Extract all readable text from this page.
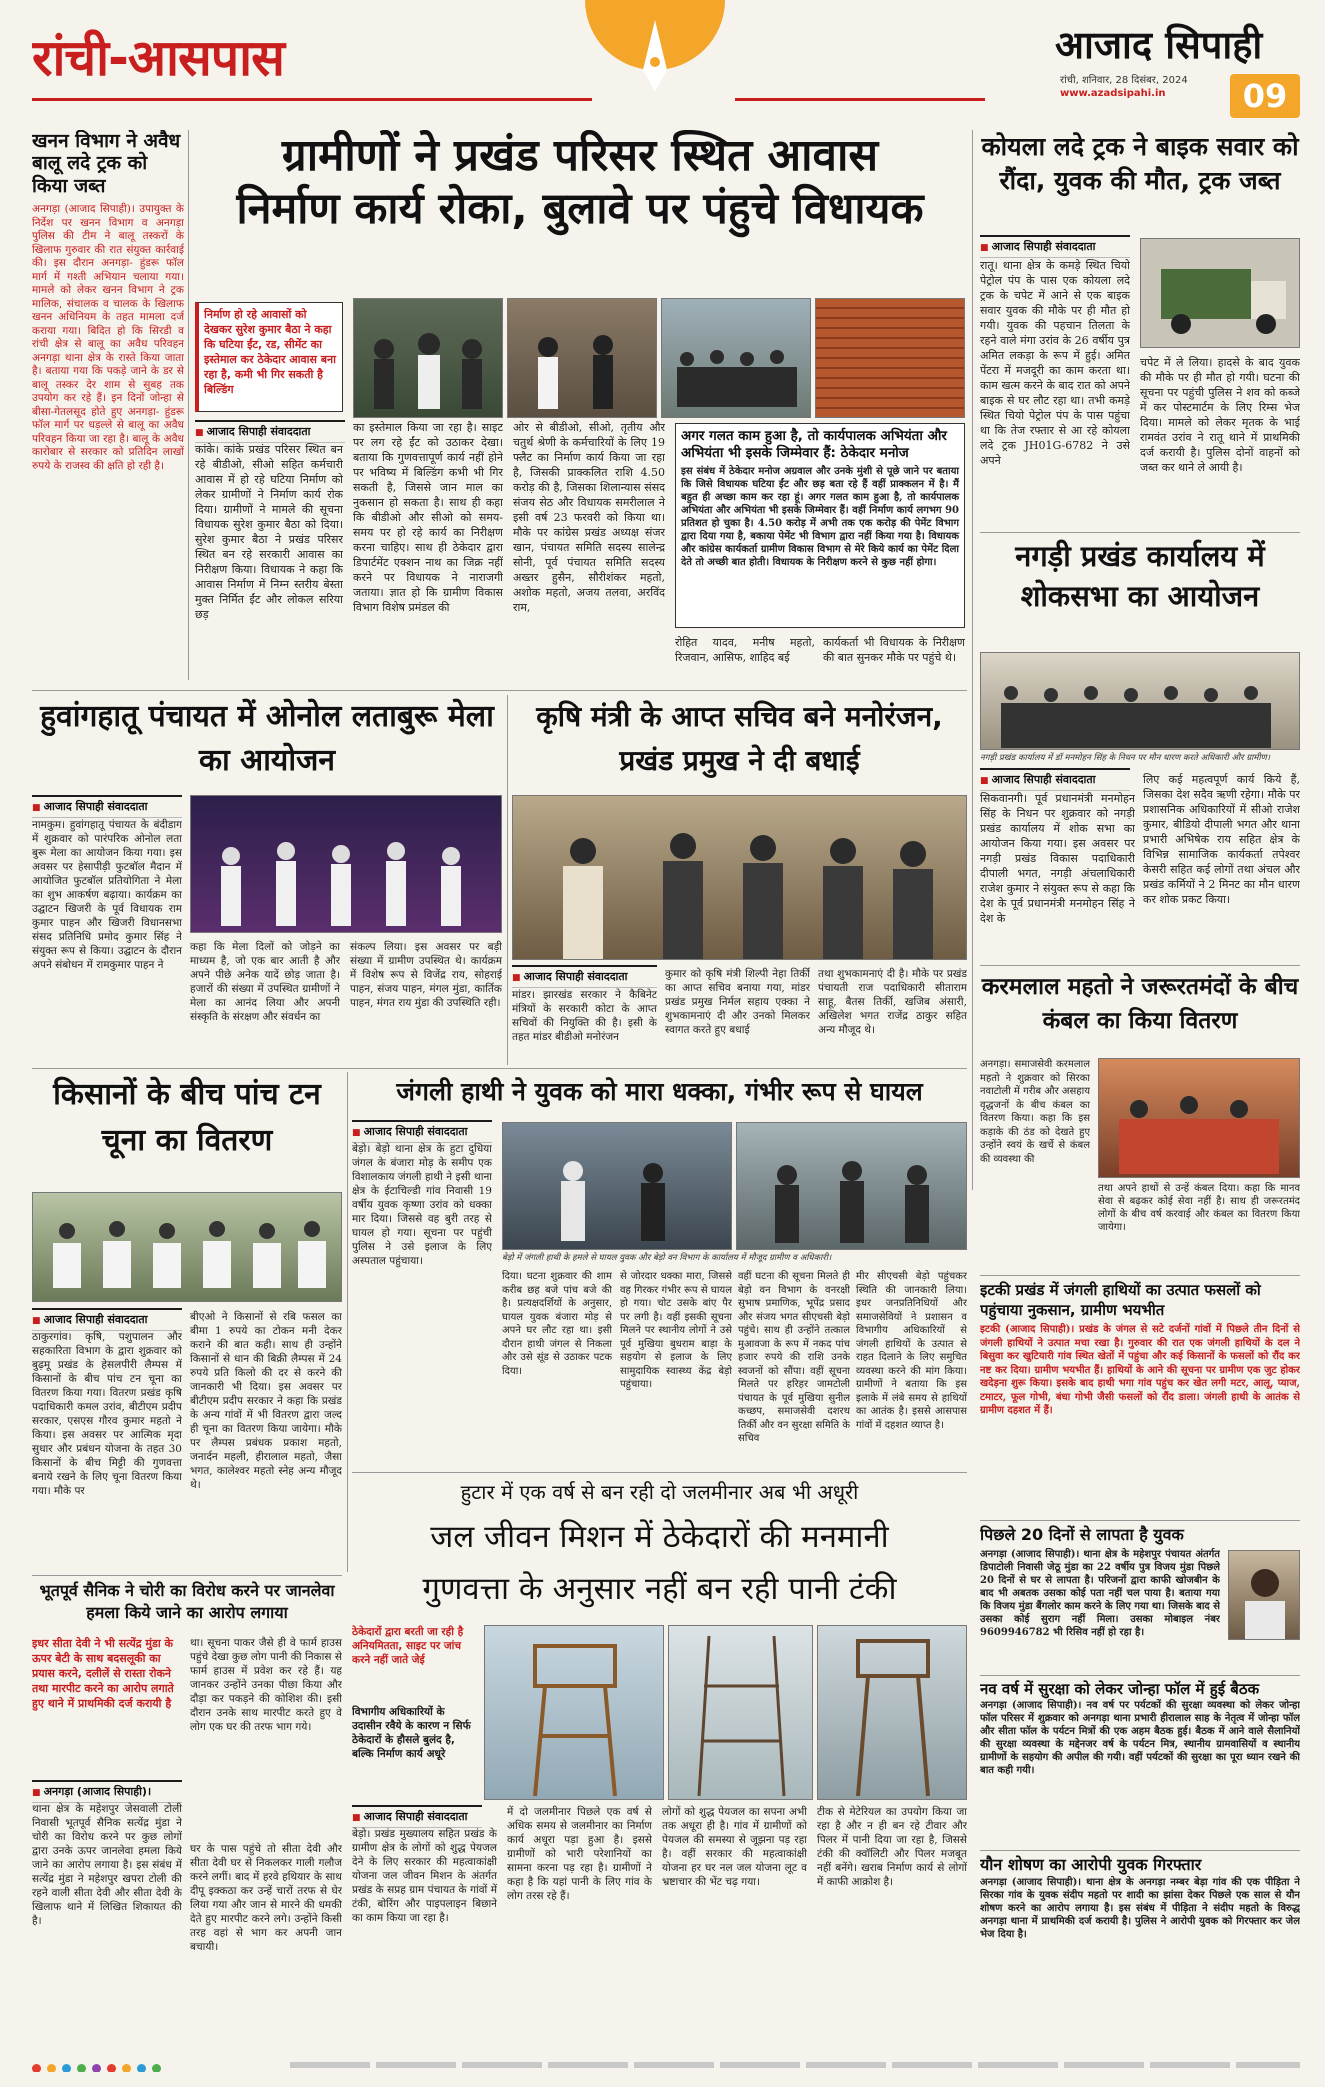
रांची-आसपास	आजाद सिपाही
रांची, शनिवार, 28 दिसंबर, 2024
www.azadsipahi.in	09
खनन विभाग ने अवैध बालू लदे ट्रक को किया जब्त
अनगड़ा (आजाद सिपाही)। उपायुक्त के निर्देश पर खनन विभाग व अनगड़ा पुलिस की टीम ने बालू तस्करों के खिलाफ गुरुवार की रात संयुक्त कार्रवाई की। इस दौरान अनगड़ा- हुंडरू फॉल मार्ग में गश्ती अभियान चलाया गया। मामले को लेकर खनन विभाग ने ट्रक मालिक, संचालक व चालक के खिलाफ खनन अधिनियम के तहत मामला दर्ज कराया गया। बिदित हो कि सिरडी व रांची क्षेत्र से बालू का अवैध परिवहन अनगड़ा थाना क्षेत्र के रास्ते किया जाता है। बताया गया कि पकड़े जाने के डर से बालू तस्कर देर शाम से सुबह तक उपयोग कर रहे हैं। इन दिनों जोन्हा से बीसा-गेतलसूद होते हुए अनगड़ा- हुंडरू फॉल मार्ग पर धड़ल्ले से बालू का अवैध परिवहन किया जा रहा है। बालू के अवैध कारोबार से सरकार को प्रतिदिन लाखों रुपये के राजस्व की क्षति हो रही है।
ग्रामीणों ने प्रखंड परिसर स्थित आवास
निर्माण कार्य रोका, बुलावे पर पंहुचे विधायक
निर्माण हो रहे आवासों को देखकर सुरेश कुमार बैठा ने कहा कि घटिया ईंट, रड, सीमेंट का इस्तेमाल कर ठेकेदार आवास बना रहा है, कमी भी गिर सकती है बिल्डिंग
■ आजाद सिपाही संवाददाता
कांके। कांके प्रखंड परिसर स्थित बन रहे बीडीओ, सीओ सहित कर्मचारी आवास में हो रहे घटिया निर्माण को लेकर ग्रामीणों ने निर्माण कार्य रोक दिया। ग्रामीणों ने मामले की सूचना विधायक सुरेश कुमार बैठा को दिया। सुरेश कुमार बैठा ने प्रखंड परिसर स्थित बन रहे सरकारी आवास का निरीक्षण किया। विधायक ने कहा कि आवास निर्माण में निम्न स्तरीय बेस्ता मुक्त निर्मित ईंट और लोकल सरिया छड़
का इस्तेमाल किया जा रहा है। साइट पर लग रहे ईंट को उठाकर देखा। बताया कि गुणवत्तापूर्ण कार्य नहीं होने पर भविष्य में बिल्डिंग कभी भी गिर सकती है, जिससे जान माल का नुकसान हो सकता है। साथ ही कहा कि बीडीओ और सीओ को समय-समय पर हो रहे कार्य का निरीक्षण करना चाहिए। साथ ही ठेकेदार द्वारा डिपार्टमेंट एक्शन नाथ का जिक्र नहीं करने पर विधायक ने नाराजगी जताया। ज्ञात हो कि ग्रामीण विकास विभाग विशेष प्रमंडल की
ओर से बीडीओ, सीओ, तृतीय और चतुर्थ श्रेणी के कर्मचारियों के लिए 19 फ्लैट का निर्माण कार्य किया जा रहा है, जिसकी प्राक्कलित राशि 4.50 करोड़ की है, जिसका शिलान्यास संसद संजय सेठ और विधायक समरीलाल ने इसी वर्ष 23 फरवरी को किया था। मौके पर कांग्रेस प्रखंड अध्यक्ष संजर खान, पंचायत समिति सदस्य सालेन्द्र सोनी, पूर्व पंचायत समिति सदस्य अख्तर हुसैन, सौरीशंकर महतो, अशोक महतो, अजय तलवा, अरविंद राम,
अगर गलत काम हुआ है, तो कार्यपालक अभियंता और अभियंता भी इसके जिम्मेवार हैं: ठेकेदार मनोज
इस संबंध में ठेकेदार मनोज अग्रवाल और उनके मुंशी से पूछे जाने पर बताया कि जिसे विधायक घटिया ईंट और छड़ बता रहे हैं वहीं प्राक्कलन में है। मैं बहुत ही अच्छा काम कर रहा हूं। अगर गलत काम हुआ है, तो कार्यपालक अभियंता और अभियंता भी इसके जिम्मेवार हैं। वहीं निर्माण कार्य लगभग 90 प्रतिशत हो चुका है। 4.50 करोड़ में अभी तक एक करोड़ की पेमेंट विभाग द्वारा दिया गया है, बकाया पेमेंट भी विभाग द्वारा नहीं किया गया है। विधायक और कांग्रेस कार्यकर्ता ग्रामीण विकास विभाग से मेरे किये कार्य का पेमेंट दिला देते तो अच्छी बात होती। विधायक के निरीक्षण करने से कुछ नहीं होगा।
रोहित यादव, मनीष महतो, रिजवान, आसिफ, शाहिद बई
कार्यकर्ता भी विधायक के निरीक्षण की बात सुनकर मौके पर पहुंचे थे।
कोयला लदे ट्रक ने बाइक सवार को रौंदा, युवक की मौत, ट्रक जब्त
■ आजाद सिपाही संवाददाता
रातू। थाना क्षेत्र के कमड़े स्थित चियो पेट्रोल पंप के पास एक कोयला लदे ट्रक के चपेट में आने से एक बाइक सवार युवक की मौके पर ही मौत हो गयी। युवक की पहचान तिलता के रहने वाले मंगा उरांव के 26 वर्षीय पुत्र अमित लकड़ा के रूप में हुई। अमित पेंटरा में मजदूरी का काम करता था। काम खत्म करने के बाद रात को अपने बाइक से घर लौट रहा था। तभी कमड़े स्थित चियो पेट्रोल पंप के पास पहुंचा था कि तेज रफ्तार से आ रहे कोयला लदे ट्रक JH01G-6782 ने उसे अपने
चपेट में ले लिया। हादसे के बाद युवक की मौके पर ही मौत हो गयी। घटना की सूचना पर पहुंची पुलिस ने शव को कब्जे में कर पोस्टमार्टम के लिए रिम्स भेज दिया। मामले को लेकर मृतक के भाई रामवंत उरांव ने रातू थाने में प्राथमिकी दर्ज करायी है। पुलिस दोनों वाहनों को जब्त कर थाने ले आयी है।
नगड़ी प्रखंड कार्यालय में शोकसभा का आयोजन
नगड़ी प्रखंड कार्यालय में डॉ मनमोहन सिंह के निधन पर मौन धारण करते अधिकारी और ग्रामीण।
■ आजाद सिपाही संवाददाता
सिकवानगी। पूर्व प्रधानमंत्री मनमोहन सिंह के निधन पर शुक्रवार को नगड़ी प्रखंड कार्यालय में शोक सभा का आयोजन किया गया। इस अवसर पर नगड़ी प्रखंड विकास पदाधिकारी दीपाली भगत, नगड़ी अंचलाधिकारी राजेश कुमार ने संयुक्त रूप से कहा कि देश के पूर्व प्रधानमंत्री मनमोहन सिंह ने देश के
लिए कई महत्वपूर्ण कार्य किये हैं, जिसका देश सदैव ऋणी रहेगा। मौके पर प्रशासनिक अधिकारियों में सीओ राजेश कुमार, बीडियो दीपाली भगत और थाना प्रभारी अभिषेक राय सहित क्षेत्र के विभिन्न सामाजिक कार्यकर्ता तपेश्वर केसरी सहित कई लोगों तथा अंचल और प्रखंड कर्मियों ने 2 मिनट का मौन धारण कर शोक प्रकट किया।
करमलाल महतो ने जरूरतमंदों के बीच कंबल का किया वितरण
अनगड़ा। समाजसेवी करमलाल महतो ने शुक्रवार को सिरका नवाटोली में गरीब और असहाय वृद्धजनों के बीच कंबल का वितरण किया। कहा कि इस कड़ाके की ठंड को देखते हुए उन्होंने स्वयं के खर्चे से कंबल की व्यवस्था की
तथा अपने हाथों से उन्हें कंबल दिया। कहा कि मानव सेवा से बढ़कर कोई सेवा नहीं है। साथ ही जरूरतमंद लोगों के बीच वर्ष करवाई और कंबल का वितरण किया जायेगा।
हुवांगहातू पंचायत में ओनोल लताबुरू मेला का आयोजन
■ आजाद सिपाही संवाददाता
नामकुम। हुवांगहातू पंचायत के बंदीडाग में शुक्रवार को पारंपरिक ओनोल लता बुरू मेला का आयोजन किया गया। इस अवसर पर हेसापीड़ी फुटबॉल मैदान में आयोजित फुटबॉल प्रतियोगिता ने मेला का शुभ आकर्षण बढ़ाया। कार्यक्रम का उद्घाटन खिजरी के पूर्व विधायक राम कुमार पाहन और खिजरी विधानसभा संसद प्रतिनिधि प्रमोद कुमार सिंह ने संयुक्त रूप से किया। उद्घाटन के दौरान अपने संबोधन में रामकुमार पाहन ने
कहा कि मेला दिलों को जोड़ने का माध्यम है, जो एक बार आती है और अपने पीछे अनेक यादें छोड़ जाता है। हजारों की संख्या में उपस्थित ग्रामीणों ने मेला का आनंद लिया और अपनी संस्कृति के संरक्षण और संवर्धन का
संकल्प लिया। इस अवसर पर बड़ी संख्या में ग्रामीण उपस्थित थे। कार्यक्रम में विशेष रूप से विजेंद्र राय, सोहराई पाहन, संजय पाहन, मंगल मुंडा, कार्तिक पाहन, मंगत राय मुंडा की उपस्थिति रही।
कृषि मंत्री के आप्त सचिव बने मनोरंजन, प्रखंड प्रमुख ने दी बधाई
■ आजाद सिपाही संवाददाता
मांडर। झारखंड सरकार ने कैबिनेट मंत्रियों के सरकारी कोटा के आप्त सचिवों की नियुक्ति की है। इसी के तहत मांडर बीडीओ मनोरंजन
कुमार को कृषि मंत्री शिल्पी नेहा तिर्की का आप्त सचिव बनाया गया, मांडर प्रखंड प्रमुख निर्मल सहाय एक्का ने शुभकामनाएं दी और उनको मिलकर स्वागत करते हुए बधाई
तथा शुभकामनाएं दी है। मौके पर प्रखंड पंचायती राज पदाधिकारी सीताराम साहू, बैतस तिर्की, खजिब अंसारी, अखिलेश भगत राजेंद्र ठाकुर सहित अन्य मौजूद थे।
किसानों के बीच पांच टन चूना का वितरण
■ आजाद सिपाही संवाददाता
ठाकुरगांव। कृषि, पशुपालन और सहकारिता विभाग के द्वारा शुक्रवार को बुढ़मू प्रखंड के हेसलपीरी लैम्पस में किसानों के बीच पांच टन चूना का वितरण किया गया। वितरण प्रखंड कृषि पदाधिकारी कमल उरांव, बीटीएम प्रदीप सरकार, एसएस गौरव कुमार महतो ने किया। इस अवसर पर आत्मिक मृदा सुधार और प्रबंधन योजना के तहत 30 किसानों के बीच मिट्टी की गुणवत्ता बनाये रखने के लिए चूना वितरण किया गया। मौके पर
बीएओ ने किसानों से रबि फसल का बीमा 1 रुपये का टोकन मनी देकर कराने की बात कही। साथ ही उन्होंने किसानों से धान की बिक्री लैम्पस में 24 रुपये प्रति किलो की दर से करने की जानकारी भी दिया। इस अवसर पर बीटीएम प्रदीप सरकार ने कहा कि प्रखंड के अन्य गांवों में भी वितरण द्वारा जल्द ही चूना का वितरण किया जायेगा। मौके पर लैम्पस प्रबंधक प्रकाश महतो, जनार्दन महली, हीरालाल महतो, जैसा भगत, कालेश्वर महतो स्नेह अन्य मौजूद थे।
जंगली हाथी ने युवक को मारा धक्का, गंभीर रूप से घायल
■ आजाद सिपाही संवाददाता
बेड़ो। बेड़ो थाना क्षेत्र के हुटा दुधिया जंगल के बंजारा मोड़ के समीप एक विशालकाय जंगली हाथी ने इसी थाना क्षेत्र के ईटाचिल्डी गांव निवासी 19 वर्षीय युवक कृष्णा उरांव को धक्का मार दिया। जिससे वह बुरी तरह से घायल हो गया। सूचना पर पहुंची पुलिस ने उसे इलाज के लिए अस्पताल पहुंचाया।	बेड़ो में जंगली हाथी के हमले से घायल युवक और बेड़ो वन विभाग के कार्यालय में मौजूद ग्रामीण व अधिकारी।
दिया। घटना शुक्रवार की शाम करीब छह बजे पांच बजे की है। प्रत्यक्षदर्शियों के अनुसार, घायल युवक बंजारा मोड़ से अपने घर लौट रहा था। इसी दौरान हाथी जंगल से निकला और उसे सूंड से उठाकर पटक दिया।
से जोरदार धक्का मारा, जिससे वह गिरकर गंभीर रूप से घायल हो गया। चोट उसके बांए पैर पर लगी है। वहीं इसकी सूचना मिलने पर स्थानीय लोगों ने उसे पूर्व मुखिया बुधराम बाड़ा के सहयोग से इलाज के लिए सामुदायिक स्वास्थ्य केंद्र बेड़ो पहुंचाया।
वहीं घटना की सूचना मिलते ही बेड़ो वन विभाग के वनरक्षी सुभाष प्रमाणिक, भूपेंद्र प्रसाद और संजय भगत सीएचसी बेड़ो पहुंचे। साथ ही उन्होंने तत्काल मुआवजा के रूप में नकद पांच हजार रुपये की राशि उनके स्वजनों को सौंपा। वहीं सूचना मिलते पर हरिहर जामटोली पंचायत के पूर्व मुखिया सुनील कच्छप, समाजसेवी दशरथ तिर्की और वन सुरक्षा समिति के सचिव
मीर सीएचसी बेड़ो पहुंचकर स्थिति की जानकारी लिया। इधर जनप्रतिनिधियों और समाजसेवियों ने प्रशासन व विभागीय अधिकारियों से जंगली हाथियों के उत्पात से राहत दिलाने के लिए समुचित व्यवस्था करने की मांग किया। ग्रामीणों ने बताया कि इस इलाके में लंबे समय से हाथियों का आतंक है। इससे आसपास गांवों में दहशत व्याप्त है।
हुटार में एक वर्ष से बन रही दो जलमीनार अब भी अधूरी
जल जीवन मिशन में ठेकेदारों की मनमानी
गुणवत्ता के अनुसार नहीं बन रही पानी टंकी
ठेकेदारों द्वारा बरती जा रही है अनियमितता, साइट पर जांच करने नहीं जाते जेई
विभागीय अधिकारियों के उदासीन रवैये के कारण न सिर्फ ठेकेदारों के हौसले बुलंद है, बल्कि निर्माण कार्य अधूरे
■ आजाद सिपाही संवाददाता
बेड़ो। प्रखंड मुख्यालय सहित प्रखंड के ग्रामीण क्षेत्र के लोगों को शुद्ध पेयजल देने के लिए सरकार की महत्वाकांक्षी योजना जल जीवन मिशन के अंतर्गत प्रखंड के सप्रह ग्राम पंचायत के गांवों में टंकी, बोरिंग और पाइपलाइन बिछाने का काम किया जा रहा है।
में दो जलमीनार पिछले एक वर्ष से अधिक समय से जलमीनार का निर्माण कार्य अधूरा पड़ा हुआ है। इससे ग्रामीणों को भारी परेशानियों का सामना करना पड़ रहा है। ग्रामीणों ने कहा है कि यहां पानी के लिए गांव के लोग तरस रहे हैं।
लोगों को शुद्ध पेयजल का सपना अभी तक अधूरा ही है। गांव में ग्रामीणों को पेयजल की समस्या से जूझना पड़ रहा है। वहीं सरकार की महत्वाकांक्षी योजना हर घर नल जल योजना लूट व भ्रष्टाचार की भेंट चढ़ गया।
टीक से मेटेरियल का उपयोग किया जा रहा है और न ही बन रहे टीवार और पिलर में पानी दिया जा रहा है, जिससे टंकी की क्वॉलिटी और पिलर मजबूत नहीं बनेंगे। खराब निर्माण कार्य से लोगों में काफी आक्रोश है।
भूतपूर्व सैनिक ने चोरी का विरोध करने पर जानलेवा हमला किये जाने का आरोप लगाया
इधर सीता देवी ने भी सत्येंद्र मुंडा के ऊपर बेटी के साथ बदसलूकी का प्रयास करने, दलीलें से रास्ता रोकने तथा मारपीट करने का आरोप लगाते हुए थाने में प्राथमिकी दर्ज करायी है
■ अनगड़ा (आजाद सिपाही)।
थाना क्षेत्र के महेशपुर जेसवाली टोली निवासी भूतपूर्व सैनिक सत्येंद्र मुंडा ने चोरी का विरोध करने पर कुछ लोगों द्वारा उनके ऊपर जानलेवा हमला किये जाने का आरोप लगाया है। इस संबंध में सत्येंद्र मुंडा ने महेशपुर खपरा टोली की रहने वाली सीता देवी और सीता देवी के खिलाफ थाने में लिखित शिकायत की है।
था। सूचना पाकर जैसे ही वे फार्म हाउस पहुंचे देखा कुछ लोग पानी की निकास से फार्म हाउस में प्रवेश कर रहे हैं। यह जानकर उन्होंने उनका पीछा किया और दौड़ा कर पकड़ने की कोशिश की। इसी दौरान उनके साथ मारपीट करते हुए वे लोग एक घर की तरफ भाग गये।
घर के पास पहुंचे तो सीता देवी और सीता देवी घर से निकलकर गाली गलौज करने लगीं। बाद में हरवे हथियार के साथ दीपू इक्कठा कर उन्हें चारों तरफ से घेर लिया गया और जान से मारने की धमकी देते हुए मारपीट करने लगे। उन्होंने किसी तरह वहां से भाग कर अपनी जान बचायी।
इटकी प्रखंड में जंगली हाथियों का उत्पात फसलों को पहुंचाया नुकसान, ग्रामीण भयभीत
इटकी (आजाद सिपाही)। प्रखंड के जंगल से सटे दर्जनों गांवों में पिछले तीन दिनों से जंगली हाथियों ने उत्पात मचा रखा है। गुरुवार की रात एक जंगली हाथियों के दल ने बिसुवा कर खुटियारी गांव स्थित खेतों में पहुंचा और कई किसानों के फसलों को रौंद कर नष्ट कर दिया। ग्रामीण भयभीत हैं। हाथियों के आने की सूचना पर ग्रामीण एक जुट होकर खदेड़ना शुरू किया। इसके बाद हाथी भगा गांव पहुंच कर खेत लगी मटर, आलू, प्याज, टमाटर, फूल गोभी, बंधा गोभी जैसी फसलों को रौंद डाला। जंगली हाथी के आतंक से ग्रामीण दहशत में हैं।
पिछले 20 दिनों से लापता है युवक
अनगड़ा (आजाद सिपाही)। थाना क्षेत्र के महेशपुर पंचायत अंतर्गत डिपाटोली निवासी जेठू मुंडा का 22 वर्षीय पुत्र विजय मुंडा पिछले 20 दिनों से घर से लापता है। परिजनों द्वारा काफी खोजबीन के बाद भी अबतक उसका कोई पता नहीं चल पाया है। बताया गया कि विजय मुंडा बैंगलोर काम करने के लिए गया था। जिसके बाद से उसका कोई सुराग नहीं मिला। उसका मोबाइल नंबर 9609946782 भी रिसिव नहीं हो रहा है।
नव वर्ष में सुरक्षा को लेकर जोन्हा फॉल में हुई बैठक
अनगड़ा (आजाद सिपाही)। नव वर्ष पर पर्यटकों की सुरक्षा व्यवस्था को लेकर जोन्हा फॉल परिसर में शुक्रवार को अनगड़ा थाना प्रभारी हीरालाल साह के नेतृत्व में जोन्हा फॉल और सीता फॉल के पर्यटन मित्रों की एक अहम बैठक हुई। बैठक में आने वाले सैलानियों की सुरक्षा व्यवस्था के मद्देनजर वर्ष के पर्यटन मित्र, स्थानीय ग्रामवासियों व स्थानीय ग्रामीणों के सहयोग की अपील की गयी। वहीं पर्यटकों की सुरक्षा का पूरा ध्यान रखने की बात कही गयी।
यौन शोषण का आरोपी युवक गिरफ्तार
अनगड़ा (आजाद सिपाही)। थाना क्षेत्र के अनगड़ा नम्बर बेड़ा गांव की एक पीड़िता ने सिरका गांव के युवक संदीप महतो पर शादी का झांसा देकर पिछले एक साल से यौन शोषण करने का आरोप लगाया है। इस संबंध में पीड़िता ने संदीप महतो के विरुद्ध अनगड़ा थाना में प्राथमिकी दर्ज करायी है। पुलिस ने आरोपी युवक को गिरफ्तार कर जेल भेज दिया है।
